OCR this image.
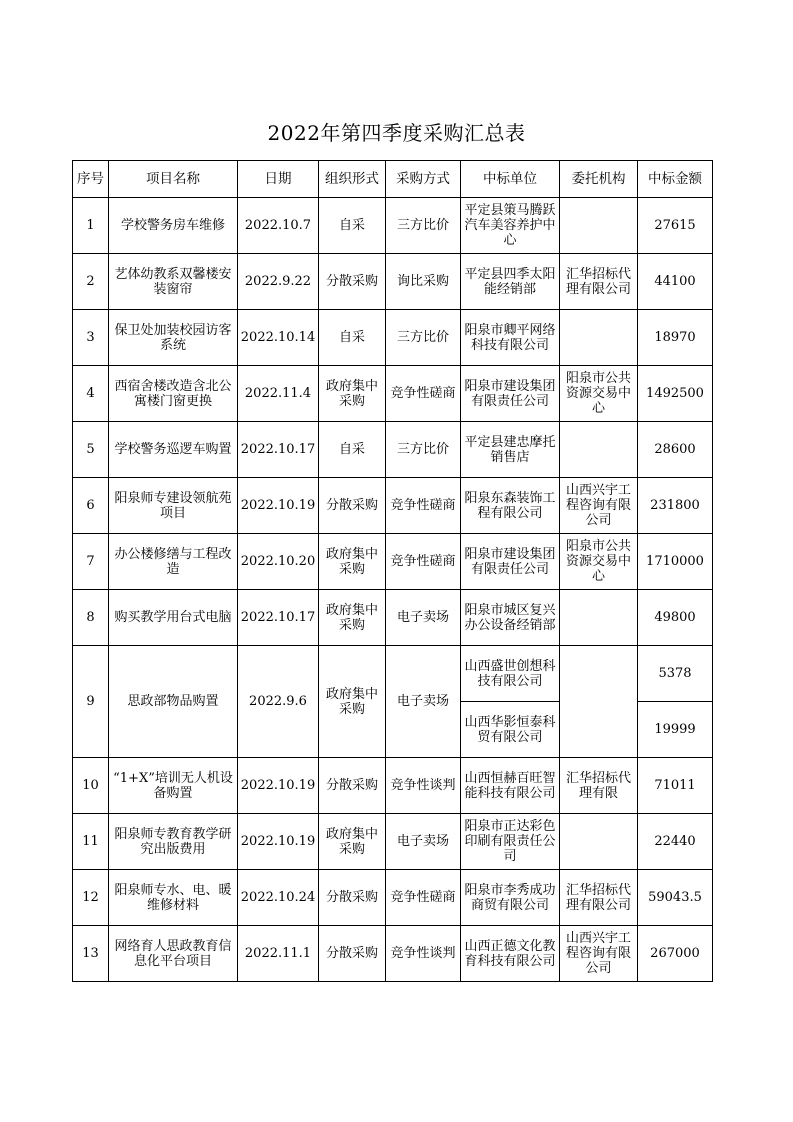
2022年第四季度采购汇总表
序号	项目名称	日期	组织形式	采购方式	中标单位	委托机构	中标金额
1	学校警务房车维修	2022.10.7	自采	三方比价	平定县策马腾跃汽车美容养护中心		27615
2	艺体幼教系双馨楼安装窗帘	2022.9.22	分散采购	询比采购	平定县四季太阳能经销部	汇华招标代理有限公司	44100
3	保卫处加装校园访客系统	2022.10.14	自采	三方比价	阳泉市卿平网络科技有限公司		18970
4	西宿舍楼改造含北公寓楼门窗更换	2022.11.4	政府集中采购	竞争性磋商	阳泉市建设集团有限责任公司	阳泉市公共资源交易中心	1492500
5	学校警务巡逻车购置	2022.10.17	自采	三方比价	平定县建忠摩托销售店		28600
6	阳泉师专建设领航苑项目	2022.10.19	分散采购	竞争性磋商	阳泉东森装饰工程有限公司	山西兴宇工程咨询有限公司	231800
7	办公楼修缮与工程改造	2022.10.20	政府集中采购	竞争性磋商	阳泉市建设集团有限责任公司	阳泉市公共资源交易中心	1710000
8	购买教学用台式电脑	2022.10.17	政府集中采购	电子卖场	阳泉市城区复兴办公设备经销部		49800
9	思政部物品购置	2022.9.6	政府集中采购	电子卖场	山西盛世创想科技有限公司		5378
					山西华影恒泰科贸有限公司		19999
10	“1+X”培训无人机设备购置	2022.10.19	分散采购	竞争性谈判	山西恒赫百旺智能科技有限公司	汇华招标代理有限	71011
11	阳泉师专教育教学研究出版费用	2022.10.19	政府集中采购	电子卖场	阳泉市正达彩色印刷有限责任公司		22440
12	阳泉师专水、电、暖维修材料	2022.10.24	分散采购	竞争性磋商	阳泉市李秀成功商贸有限公司	汇华招标代理有限公司	59043.5
13	网络育人思政教育信息化平台项目	2022.11.1	分散采购	竞争性谈判	山西正德文化教育科技有限公司	山西兴宇工程咨询有限公司	267000
